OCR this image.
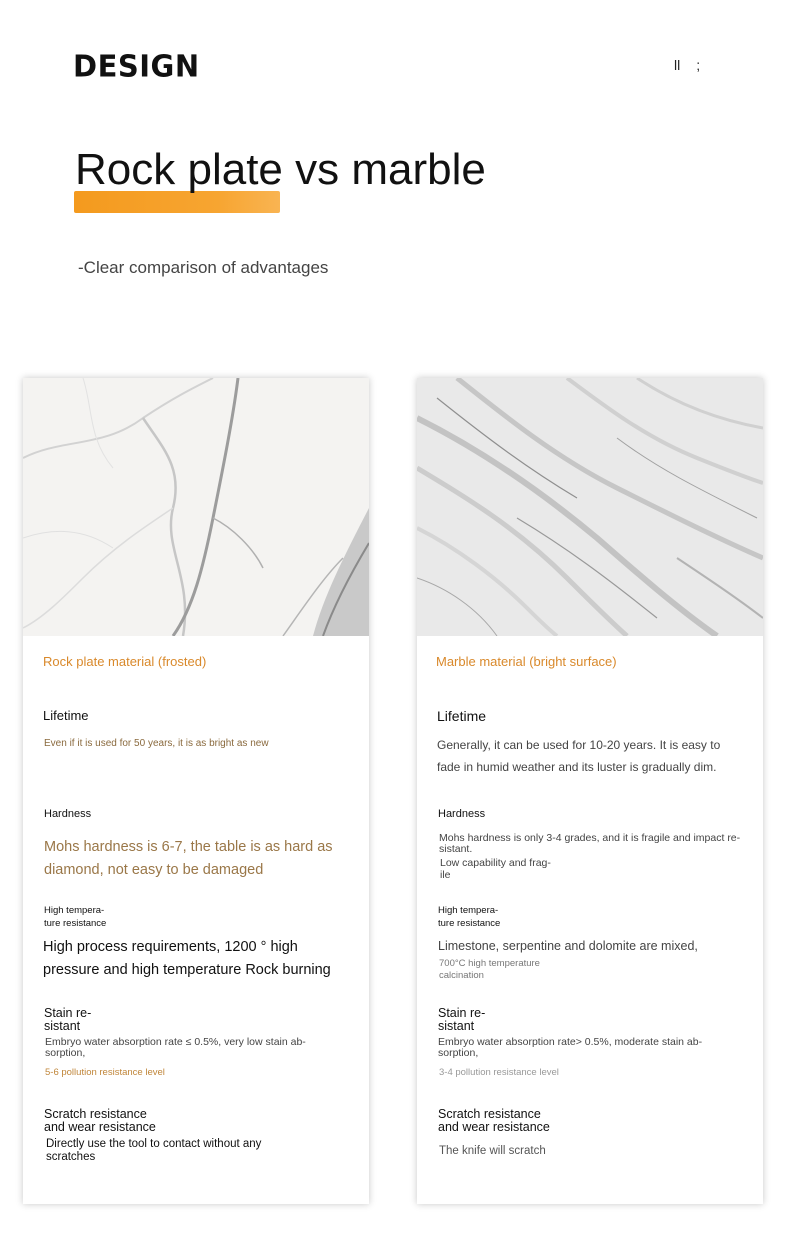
DESIGN	ll ;
Rock plate vs marble
-Clear comparison of advantages
Rock plate material (frosted)
Lifetime
Even if it is used for 50 years, it is as bright as new
Hardness
Mohs hardness is 6-7, the table is as hard as diamond, not easy to be damaged
High tempera-
ture resistance
High process requirements, 1200 ° high pressure and high temperature Rock burning
Stain re-
sistant
Embryo water absorption rate ≤ 0.5%, very low stain ab-
sorption,
5-6 pollution resistance level
Scratch resistance
and wear resistance
Directly use the tool to contact without any
scratches
Marble material (bright surface)
Lifetime
Generally, it can be used for 10-20 years. It is easy to fade in humid weather and its luster is gradually dim.
Hardness
Mohs hardness is only 3-4 grades, and it is fragile and impact re-
sistant.
Low capability and frag-
ile
High tempera-
ture resistance
Limestone, serpentine and dolomite are mixed,
700°C high temperature
calcination
Stain re-
sistant
Embryo water absorption rate> 0.5%, moderate stain ab-
sorption,
3-4 pollution resistance level
Scratch resistance
and wear resistance
The knife will scratch
